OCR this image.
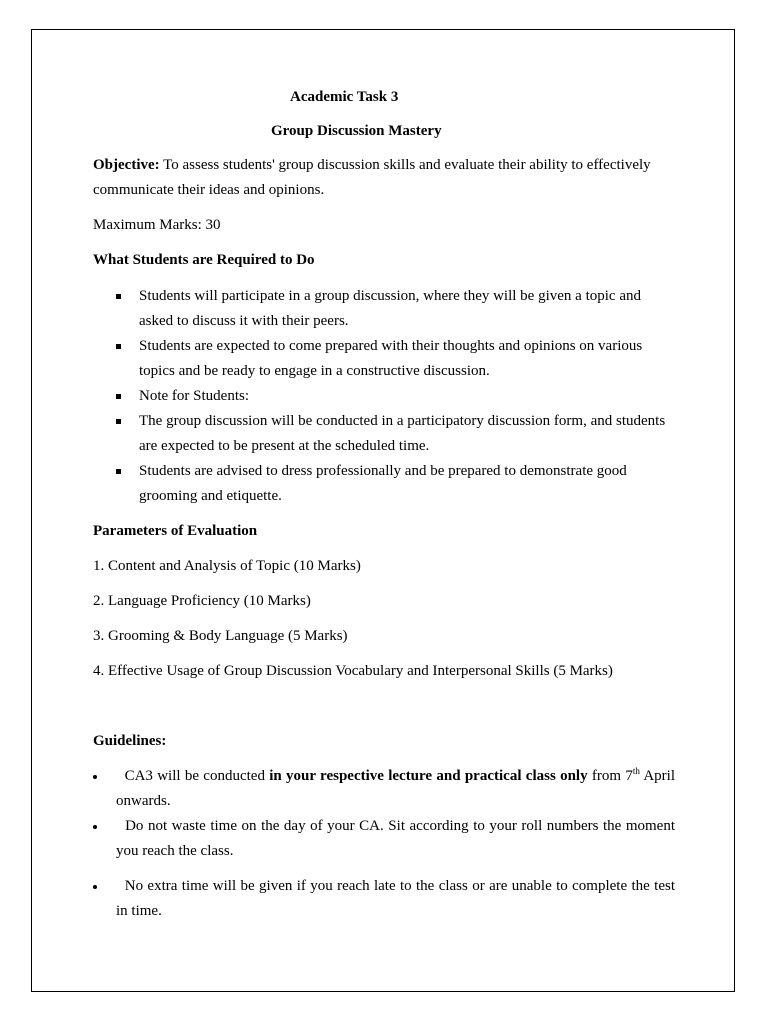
Academic Task 3
Group Discussion Mastery
Objective: To assess students' group discussion skills and evaluate their ability to effectively communicate their ideas and opinions.
Maximum Marks: 30
What Students are Required to Do
Students will participate in a group discussion, where they will be given a topic and asked to discuss it with their peers.
Students are expected to come prepared with their thoughts and opinions on various topics and be ready to engage in a constructive discussion.
Note for Students:
The group discussion will be conducted in a participatory discussion form, and students are expected to be present at the scheduled time.
Students are advised to dress professionally and be prepared to demonstrate good grooming and etiquette.
Parameters of Evaluation
1. Content and Analysis of Topic (10 Marks)
2. Language Proficiency (10 Marks)
3. Grooming & Body Language (5 Marks)
4. Effective Usage of Group Discussion Vocabulary and Interpersonal Skills (5 Marks)
Guidelines:
CA3 will be conducted in your respective lecture and practical class only from 7th April onwards.
Do not waste time on the day of your CA. Sit according to your roll numbers the moment you reach the class.
No extra time will be given if you reach late to the class or are unable to complete the test in time.
